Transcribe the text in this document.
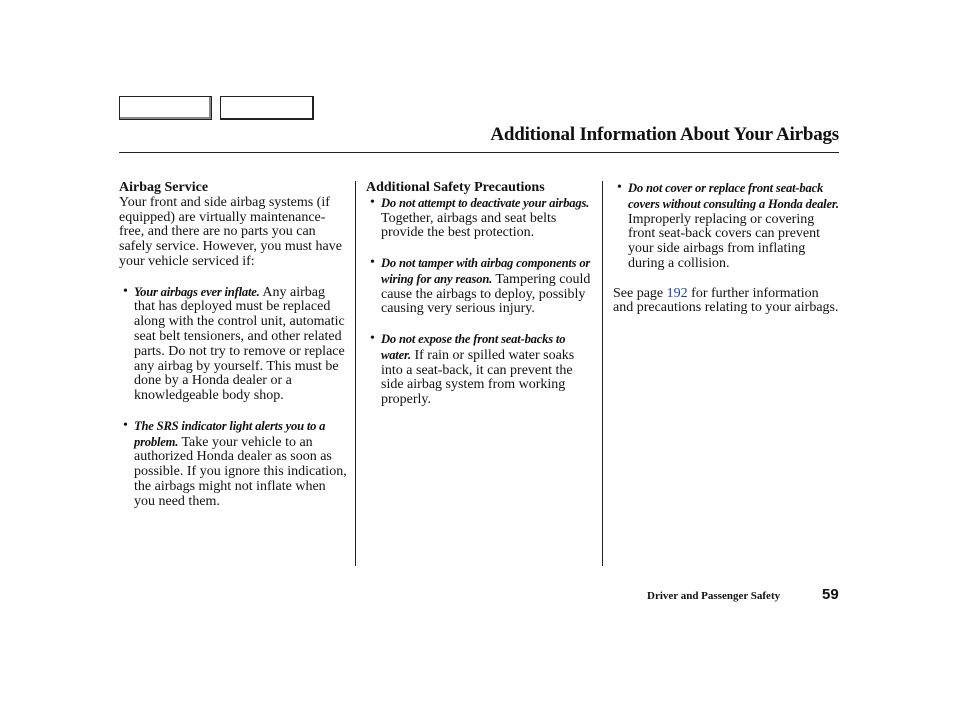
Additional Information About Your Airbags

Airbag Service

Your front and side airbag systems (if equipped) are virtually maintenance-free, and there are no parts you can safely service. However, you must have your vehicle serviced if:

• Your airbags ever inflate. Any airbag that has deployed must be replaced along with the control unit, automatic seat belt tensioners, and other related parts. Do not try to remove or replace any airbag by yourself. This must be done by a Honda dealer or a knowledgeable body shop.
• The SRS indicator light alerts you to a problem. Take your vehicle to an authorized Honda dealer as soon as possible. If you ignore this indication, the airbags might not inflate when you need them.

Additional Safety Precautions

• Do not attempt to deactivate your airbags. Together, airbags and seat belts provide the best protection.
• Do not tamper with airbag components or wiring for any reason. Tampering could cause the airbags to deploy, possibly causing very serious injury.
• Do not expose the front seat-backs to water. If rain or spilled water soaks into a seat-back, it can prevent the side airbag system from working properly.
• Do not cover or replace front seat-back covers without consulting a Honda dealer. Improperly replacing or covering front seat-back covers can prevent your side airbags from inflating during a collision.

See page 192 for further information and precautions relating to your airbags.

Driver and Passenger Safety	59
